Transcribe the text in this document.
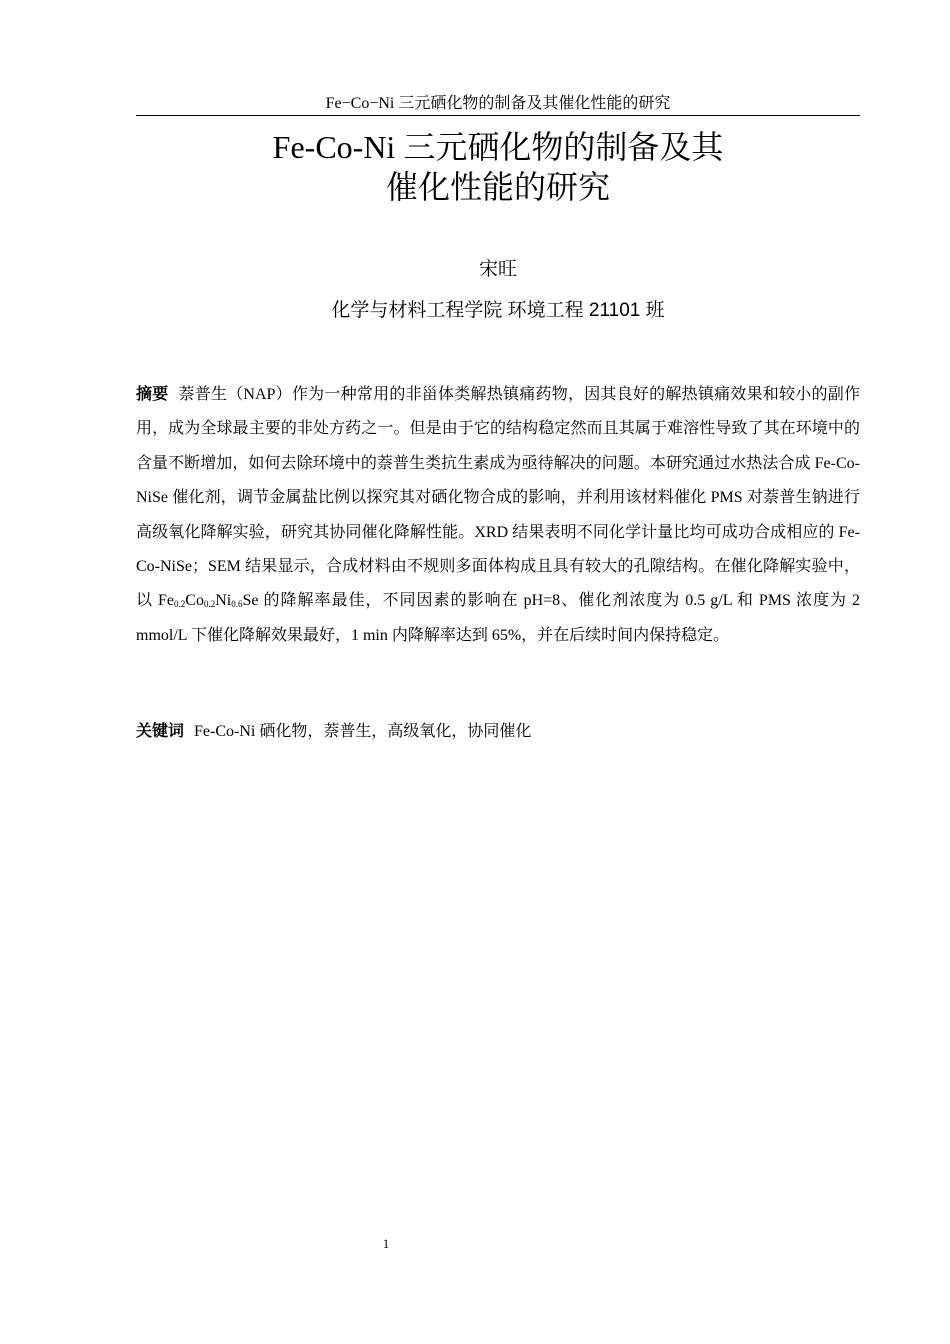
Fe−Co−Ni 三元硒化物的制备及其催化性能的研究
Fe-Co-Ni 三元硒化物的制备及其
催化性能的研究
宋旺
化学与材料工程学院 环境工程 21101 班

摘要 萘普生（NAP）作为一种常用的非甾体类解热镇痛药物，因其良好的解热镇痛效果和较小的副作用，成为全球最主要的非处方药之一。但是由于它的结构稳定然而且其属于难溶性导致了其在环境中的含量不断增加，如何去除环境中的萘普生类抗生素成为亟待解决的问题。本研究通过水热法合成 Fe-Co-NiSe 催化剂，调节金属盐比例以探究其对硒化物合成的影响，并利用该材料催化 PMS 对萘普生钠进行高级氧化降解实验，研究其协同催化降解性能。XRD 结果表明不同化学计量比均可成功合成相应的 Fe-Co-NiSe；SEM 结果显示，合成材料由不规则多面体构成且具有较大的孔隙结构。在催化降解实验中，以 $Fe_{0.2}Co_{0.2}Ni_{0.6}Se$ 的降解率最佳，不同因素的影响在 pH=8、催化剂浓度为 0.5 g/L 和 PMS 浓度为 2 mmol/L 下催化降解效果最好，1 min 内降解率达到 65%，并在后续时间内保持稳定。

关键词 Fe-Co-Ni 硒化物，萘普生，高级氧化，协同催化

1
